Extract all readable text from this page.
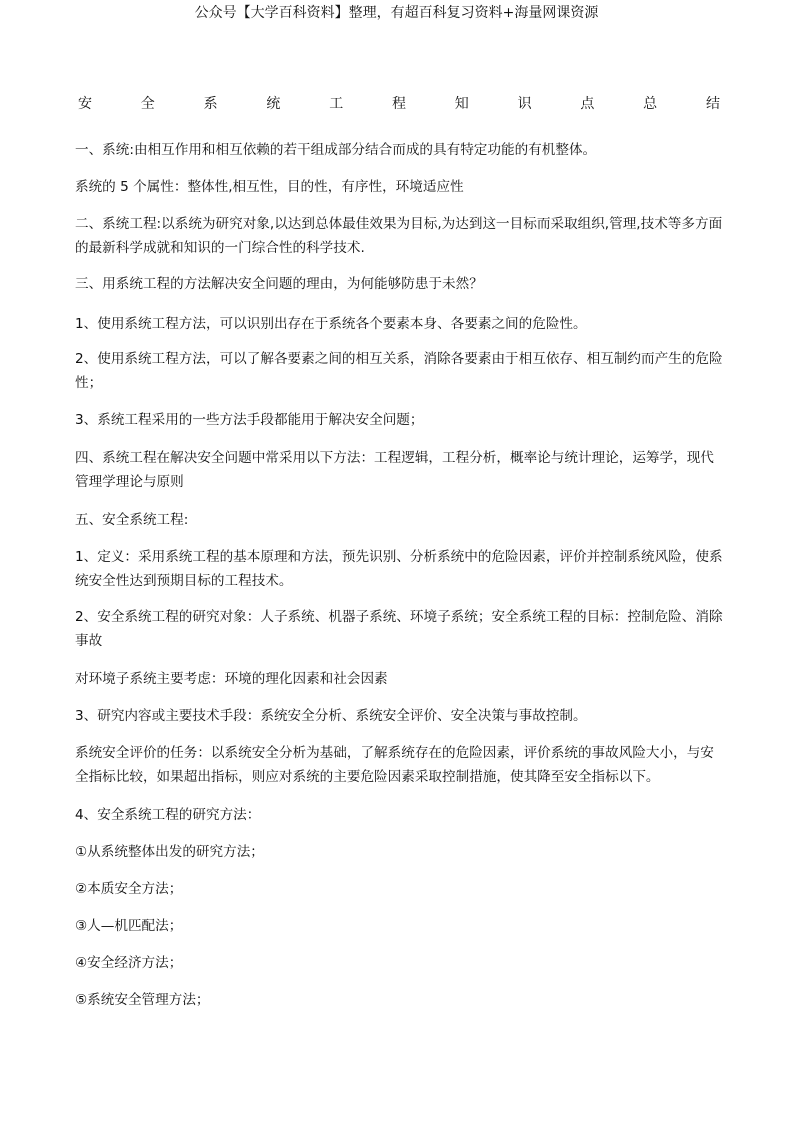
公众号【大学百科资料】整理，有超百科复习资料+海量网课资源
安	全	系	统	工	程	知	识	点	总	结
一、系统:由相互作用和相互依赖的若干组成部分结合而成的具有特定功能的有机整体。
系统的 5 个属性：整体性,相互性，目的性，有序性，环境适应性
二、系统工程:以系统为研究对象,以达到总体最佳效果为目标,为达到这一目标而采取组织,管理,技术等多方面的最新科学成就和知识的一门综合性的科学技术.
三、用系统工程的方法解决安全问题的理由，为何能够防患于未然？
1、使用系统工程方法，可以识别出存在于系统各个要素本身、各要素之间的危险性。
2、使用系统工程方法，可以了解各要素之间的相互关系，消除各要素由于相互依存、相互制约而产生的危险性；
3、系统工程采用的一些方法手段都能用于解决安全问题；
四、系统工程在解决安全问题中常采用以下方法：工程逻辑，工程分析，概率论与统计理论，运筹学，现代管理学理论与原则
五、安全系统工程:
1、定义：采用系统工程的基本原理和方法，预先识别、分析系统中的危险因素，评价并控制系统风险，使系统安全性达到预期目标的工程技术。
2、安全系统工程的研究对象：人子系统、机器子系统、环境子系统；安全系统工程的目标：控制危险、消除事故
对环境子系统主要考虑：环境的理化因素和社会因素
3、研究内容或主要技术手段：系统安全分析、系统安全评价、安全决策与事故控制。
系统安全评价的任务：以系统安全分析为基础，了解系统存在的危险因素，评价系统的事故风险大小，与安全指标比较，如果超出指标，则应对系统的主要危险因素采取控制措施，使其降至安全指标以下。
4、安全系统工程的研究方法：
①从系统整体出发的研究方法；
②本质安全方法；
③人—机匹配法；
④安全经济方法；
⑤系统安全管理方法；
